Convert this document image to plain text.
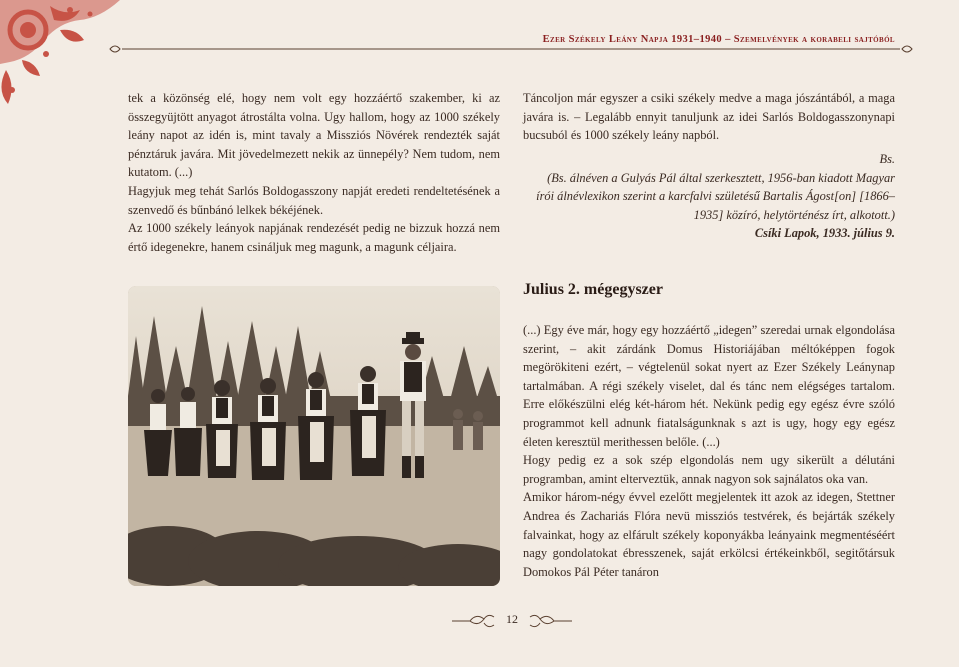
Ezer Székely Leány Napja 1931–1940 – Szemelvények a korabeli sajtóból

tek a közönség elé, hogy nem volt egy hozzáértő szakember, ki az összegyüjtött anyagot átrostálta volna. Ugy hallom, hogy az 1000 székely leány napot az idén is, mint tavaly a Missziós Növérek rendezték saját pénztáruk javára. Mit jövedelmezett nekik az ünnepély? Nem tudom, nem kutatom. (...)

Hagyjuk meg tehát Sarlós Boldogasszony napját eredeti rendeltetésének a szenvedő és bűnbánó lelkek békéjének.

Az 1000 székely leányok napjának rendezését pedig ne bizzuk hozzá nem értő idegenekre, hanem csináljuk meg magunk, a magunk céljaira.

Táncoljon már egyszer a csiki székely medve a maga jószántából, a maga javára is. – Legalább ennyit tanuljunk az idei Sarlós Boldogasszonynapi bucsuból és 1000 székely leány napból.

Bs.
(Bs. álnéven a Gulyás Pál által szerkesztett, 1956-ban kiadott Magyar írói álnévlexikon szerint a karcfalvi születésű Bartalis Ágost[on] [1866–1935] közíró, helytörténész írt, alkotott.)
Csíki Lapok, 1933. július 9.
Julius 2. mégegyszer

(...) Egy éve már, hogy egy hozzáértő „idegen” szeredai urnak elgondolása szerint, – akit zárdánk Domus Historiájában méltóképpen fogok megörökiteni ezért, – végtelenül sokat nyert az Ezer Székely Leánynap tartalmában. A régi székely viselet, dal és tánc nem elégséges tartalom. Erre előkészülni elég két-három hét. Nekünk pedig egy egész évre szóló programmot kell adnunk fiatalságunknak s azt is ugy, hogy egy egész életen keresztül merithessen belőle. (...)

Hogy pedig ez a sok szép elgondolás nem ugy sikerült a délutáni programban, amint elterveztük, annak nagyon sok sajnálatos oka van.

Amikor három-négy évvel ezelőtt megjelentek itt azok az idegen, Stettner Andrea és Zachariás Flóra nevü missziós testvérek, és bejárták székely falvainkat, hogy az elfárult székely koponyákba leányaink megmentéséért nagy gondolatokat ébresszenek, saját erkölcsi értékeinkből, segitőtársuk Domokos Pál Péter tanáron

12
